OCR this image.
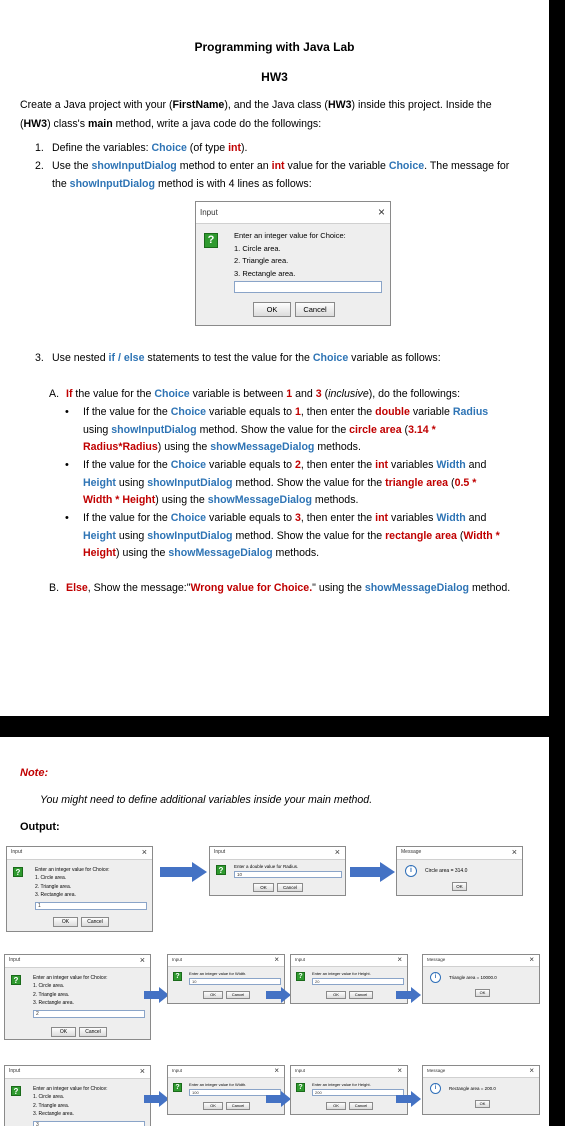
Programming with Java Lab
HW3
Create a Java project with your (FirstName), and the Java class (HW3) inside this project. Inside the
(HW3) class's main method, write a java code do the followings:
1. Define the variables: Choice (of type int).
2. Use the showInputDialog method to enter an int value for the variable Choice. The message for
the showInputDialog method is with 4 lines as follows:
Input	×
?	Enter an integer value for Choice:
1. Circle area.
2. Triangle area.
3. Rectangle area.
OK	Cancel
3. Use nested if / else statements to test the value for the Choice variable as follows:
A. If the value for the Choice variable is between 1 and 3 (inclusive), do the followings:
• If the value for the Choice variable equals to 1, then enter the double variable Radius
using showInputDialog method. Show the value for the circle area (3.14 *
Radius*Radius) using the showMessageDialog methods.
• If the value for the Choice variable equals to 2, then enter the int variables Width and
Height using showInputDialog method. Show the value for the triangle area (0.5 *
Width * Height) using the showMessageDialog methods.
• If the value for the Choice variable equals to 3, then enter the int variables Width and
Height using showInputDialog method. Show the value for the rectangle area (Width *
Height) using the showMessageDialog methods.
B. Else, Show the message:"Wrong value for Choice." using the showMessageDialog method.
Note:
You might need to define additional variables inside your main method.
Output:
Input	×
?	Enter an integer value for Choice:
1. Circle area.
2. Triangle area.
3. Rectangle area.
1
OK	Cancel
Input	×
?	Enter a double value for Radius.
10
OK	Cancel
Message	×
i	Circle area = 314.0
OK
Input	×
?	Enter an integer value for Choice:
1. Circle area.
2. Triangle area.
3. Rectangle area.
2
OK	Cancel
Input	×
?	Enter an integer value for Width.
10
OK	Cancel
Input	×
?	Enter an integer value for Height.
20
OK	Cancel
Message	×
i	Triangle area = 10000.0
OK
Input	×
?	Enter an integer value for Choice:
1. Circle area.
2. Triangle area.
3. Rectangle area.
3
Input	×
?	Enter an integer value for Width.
100
OK	Cancel
Input	×
?	Enter an integer value for Height.
200
OK	Cancel
Message	×
i	Rectangle area = 200.0
OK
